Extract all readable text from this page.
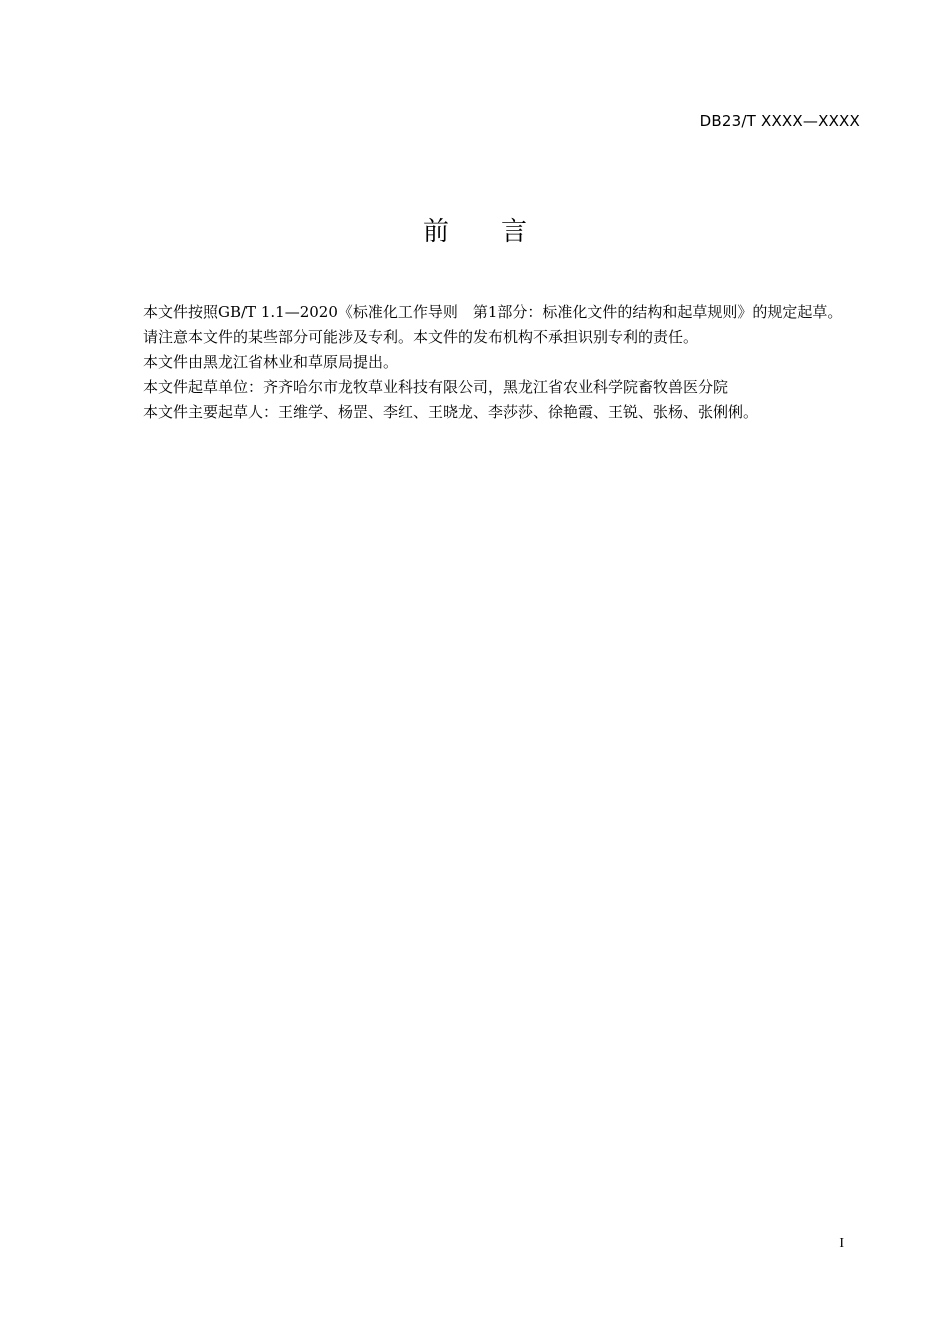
DB23/T XXXX—XXXX
前　　言

本文件按照GB/T 1.1—2020《标准化工作导则　第1部分：标准化文件的结构和起草规则》的规定起草。

请注意本文件的某些部分可能涉及专利。本文件的发布机构不承担识别专利的责任。

本文件由黑龙江省林业和草原局提出。

本文件起草单位：齐齐哈尔市龙牧草业科技有限公司，黑龙江省农业科学院畜牧兽医分院

本文件主要起草人：王维学、杨罡、李红、王晓龙、李莎莎、徐艳霞、王锐、张杨、张俐俐。

I
